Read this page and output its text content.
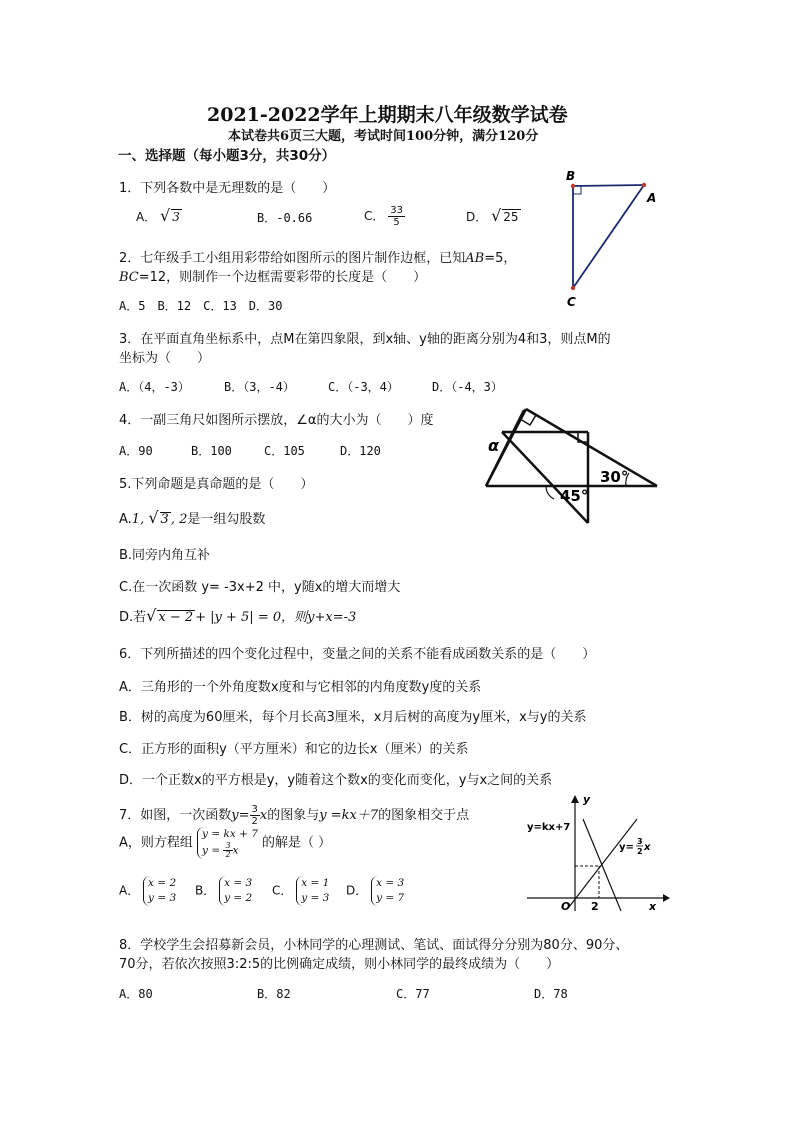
2021-2022学年上期期末八年级数学试卷
本试卷共6页三大题，考试时间100分钟，满分120分
一、选择题（每小题3分，共30分）
1．下列各数中是无理数的是（　　）
A． √ 3	B．-0.66	C． $\frac{33}{5}$	D． √ 25
B
A
C
2．七年级手工小组用彩带给如图所示的图片制作边框，已知AB=5，
BC=12，则制作一个边框需要彩带的长度是（　　）
A．5　B．12　C．13　D．30
3．在平面直角坐标系中，点M在第四象限，到x轴、y轴的距离分别为4和3，则点M的
坐标为（　　）
A．（4，-3）	B．（3，-4）	C．（-3，4）	D．（-4，3）
4．一副三角尺如图所示摆放，∠α的大小为（　　）度
A．90	B．100	C．105	D．120	α
30°
45°
5.下列命题是真命题的是（　　）
A.1, √ 3 , 2是一组勾股数
B.同旁内角互补
C.在一次函数 y= -3x+2 中，y随x的增大而增大
D.若√ x − 2 + |y + 5| = 0，则y+x=-3
6．下列所描述的四个变化过程中，变量之间的关系不能看成函数关系的是（　　）
A．三角形的一个外角度数x度和与它相邻的内角度数y度的关系
B．树的高度为60厘米，每个月长高3厘米，x月后树的高度为y厘米，x与y的关系
C．正方形的面积y（平方厘米）和它的边长x（厘米）的关系
D．一个正数x的平方根是y，y随着这个数x的变化而变化，y与x之间的关系
7．如图，一次函数$y= \frac{3}{2}$ x的图象与y =kx＋7的图象相交于点
A，则方程组
y = kx + 7
$y = \frac{3}{2}$ x	的解是（ ）
A．
x = 2
y = 3
B．
x = 3
y = 2
C．
x = 1
y = 3
D．
x = 3
y = 7
y
x
O 2
y=kx+7
y=
3
2 x
8．学校学生会招募新会员，小林同学的心理测试、笔试、面试得分分别为80分、90分、
70分，若依次按照3:2:5的比例确定成绩，则小林同学的最终成绩为（　　）
A．80	B．82	C．77	D．78
